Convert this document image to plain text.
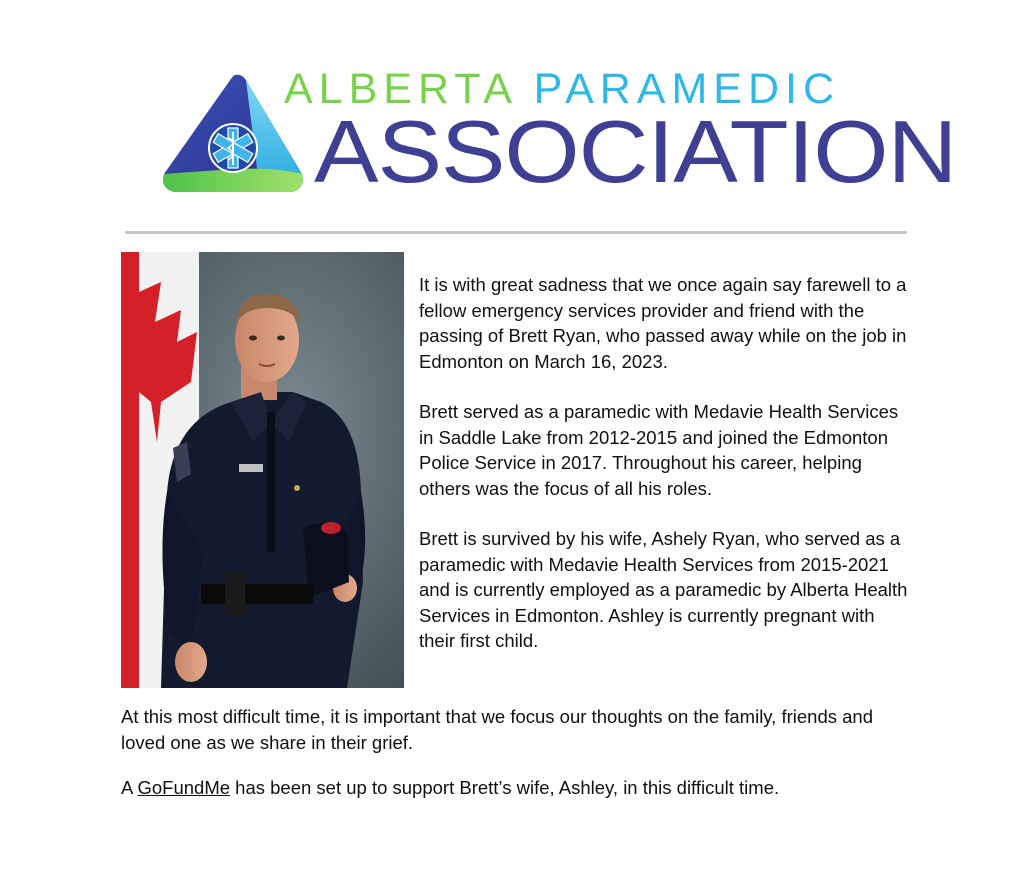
ALBERTA PARAMEDIC
ASSOCIATION

It is with great sadness that we once again say farewell to a fellow emergency services provider and friend with the passing of Brett Ryan, who passed away while on the job in Edmonton on March 16, 2023.

Brett served as a paramedic with Medavie Health Services in Saddle Lake from 2012-2015 and joined the Edmonton Police Service in 2017. Throughout his career, helping others was the focus of all his roles.

Brett is survived by his wife, Ashely Ryan, who served as a paramedic with Medavie Health Services from 2015-2021 and is currently employed as a paramedic by Alberta Health Services in Edmonton. Ashley is currently pregnant with their first child.

At this most difficult time, it is important that we focus our thoughts on the family, friends and loved one as we share in their grief.

A GoFundMe has been set up to support Brett’s wife, Ashley, in this difficult time.
